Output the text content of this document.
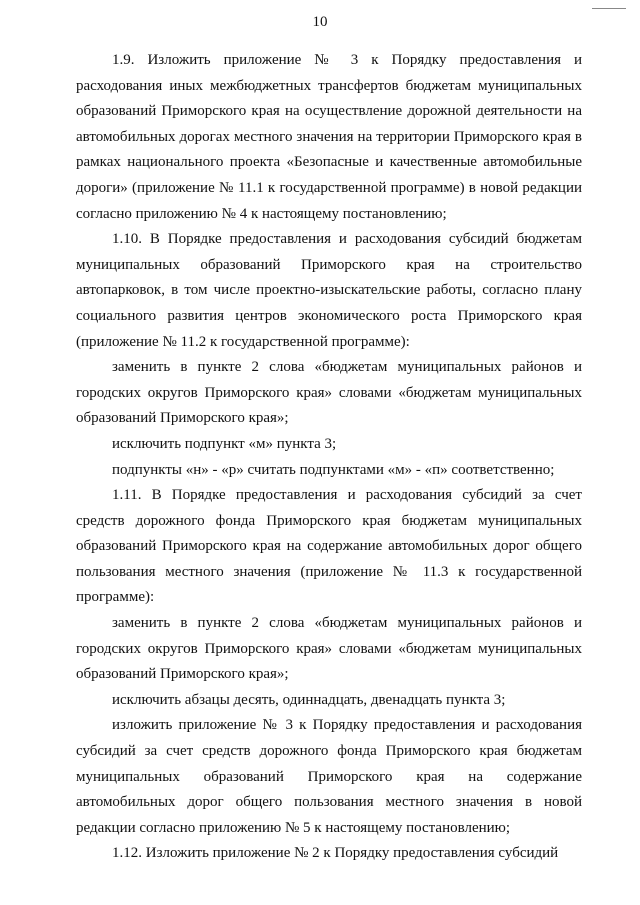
10

1.9. Изложить приложение № 3 к Порядку предоставления и расходования иных межбюджетных трансфертов бюджетам муниципальных образований Приморского края на осуществление дорожной деятельности на автомобильных дорогах местного значения на территории Приморского края в рамках национального проекта «Безопасные и качественные автомобильные дороги» (приложение № 11.1 к государственной программе) в новой редакции согласно приложению № 4 к настоящему постановлению;

1.10. В Порядке предоставления и расходования субсидий бюджетам муниципальных образований Приморского края на строительство автопарковок, в том числе проектно-изыскательские работы, согласно плану социального развития центров экономического роста Приморского края (приложение № 11.2 к государственной программе):

заменить в пункте 2 слова «бюджетам муниципальных районов и городских округов Приморского края» словами «бюджетам муниципальных образований Приморского края»;

исключить подпункт «м» пункта 3;

подпункты «н» - «р» считать подпунктами «м» - «п» соответственно;

1.11. В Порядке предоставления и расходования субсидий за счет средств дорожного фонда Приморского края бюджетам муниципальных образований Приморского края на содержание автомобильных дорог общего пользования местного значения (приложение № 11.3 к государственной программе):

заменить в пункте 2 слова «бюджетам муниципальных районов и городских округов Приморского края» словами «бюджетам муниципальных образований Приморского края»;

исключить абзацы десять, одиннадцать, двенадцать пункта 3;

изложить приложение № 3 к Порядку предоставления и расходования субсидий за счет средств дорожного фонда Приморского края бюджетам муниципальных образований Приморского края на содержание автомобильных дорог общего пользования местного значения в новой редакции согласно приложению № 5 к настоящему постановлению;

1.12. Изложить приложение № 2 к Порядку предоставления субсидий
